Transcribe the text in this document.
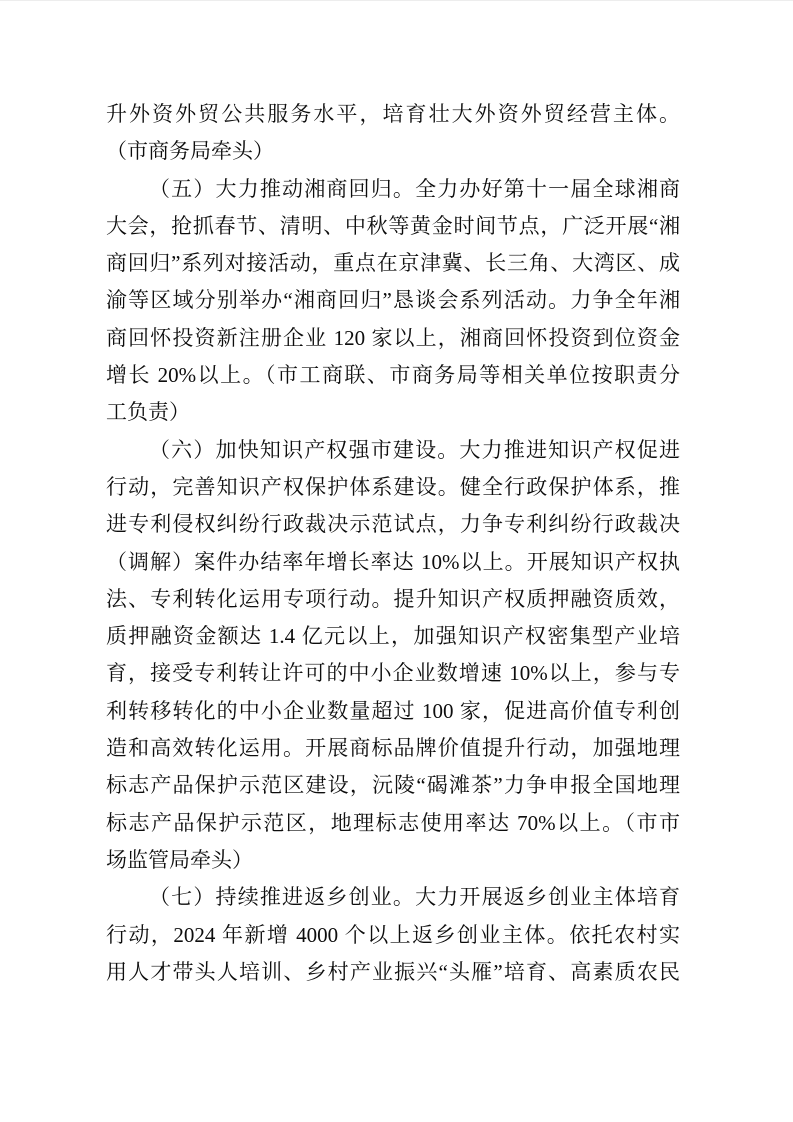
升外资外贸公共服务水平，培育壮大外资外贸经营主体。
（市商务局牵头）
（五）大力推动湘商回归。全力办好第十一届全球湘商
大会，抢抓春节、清明、中秋等黄金时间节点，广泛开展“湘
商回归”系列对接活动，重点在京津冀、长三角、大湾区、成
渝等区域分别举办“湘商回归”恳谈会系列活动。力争全年湘
商回怀投资新注册企业 120 家以上，湘商回怀投资到位资金
增长 20%以上。（市工商联、市商务局等相关单位按职责分
工负责）
（六）加快知识产权强市建设。大力推进知识产权促进
行动，完善知识产权保护体系建设。健全行政保护体系，推
进专利侵权纠纷行政裁决示范试点，力争专利纠纷行政裁决
（调解）案件办结率年增长率达 10%以上。开展知识产权执
法、专利转化运用专项行动。提升知识产权质押融资质效，
质押融资金额达 1.4 亿元以上，加强知识产权密集型产业培
育，接受专利转让许可的中小企业数增速 10%以上，参与专
利转移转化的中小企业数量超过 100 家，促进高价值专利创
造和高效转化运用。开展商标品牌价值提升行动，加强地理
标志产品保护示范区建设，沅陵“碣滩茶”力争申报全国地理
标志产品保护示范区，地理标志使用率达 70%以上。（市市
场监管局牵头）
（七）持续推进返乡创业。大力开展返乡创业主体培育
行动，2024 年新增 4000 个以上返乡创业主体。依托农村实
用人才带头人培训、乡村产业振兴“头雁”培育、高素质农民
